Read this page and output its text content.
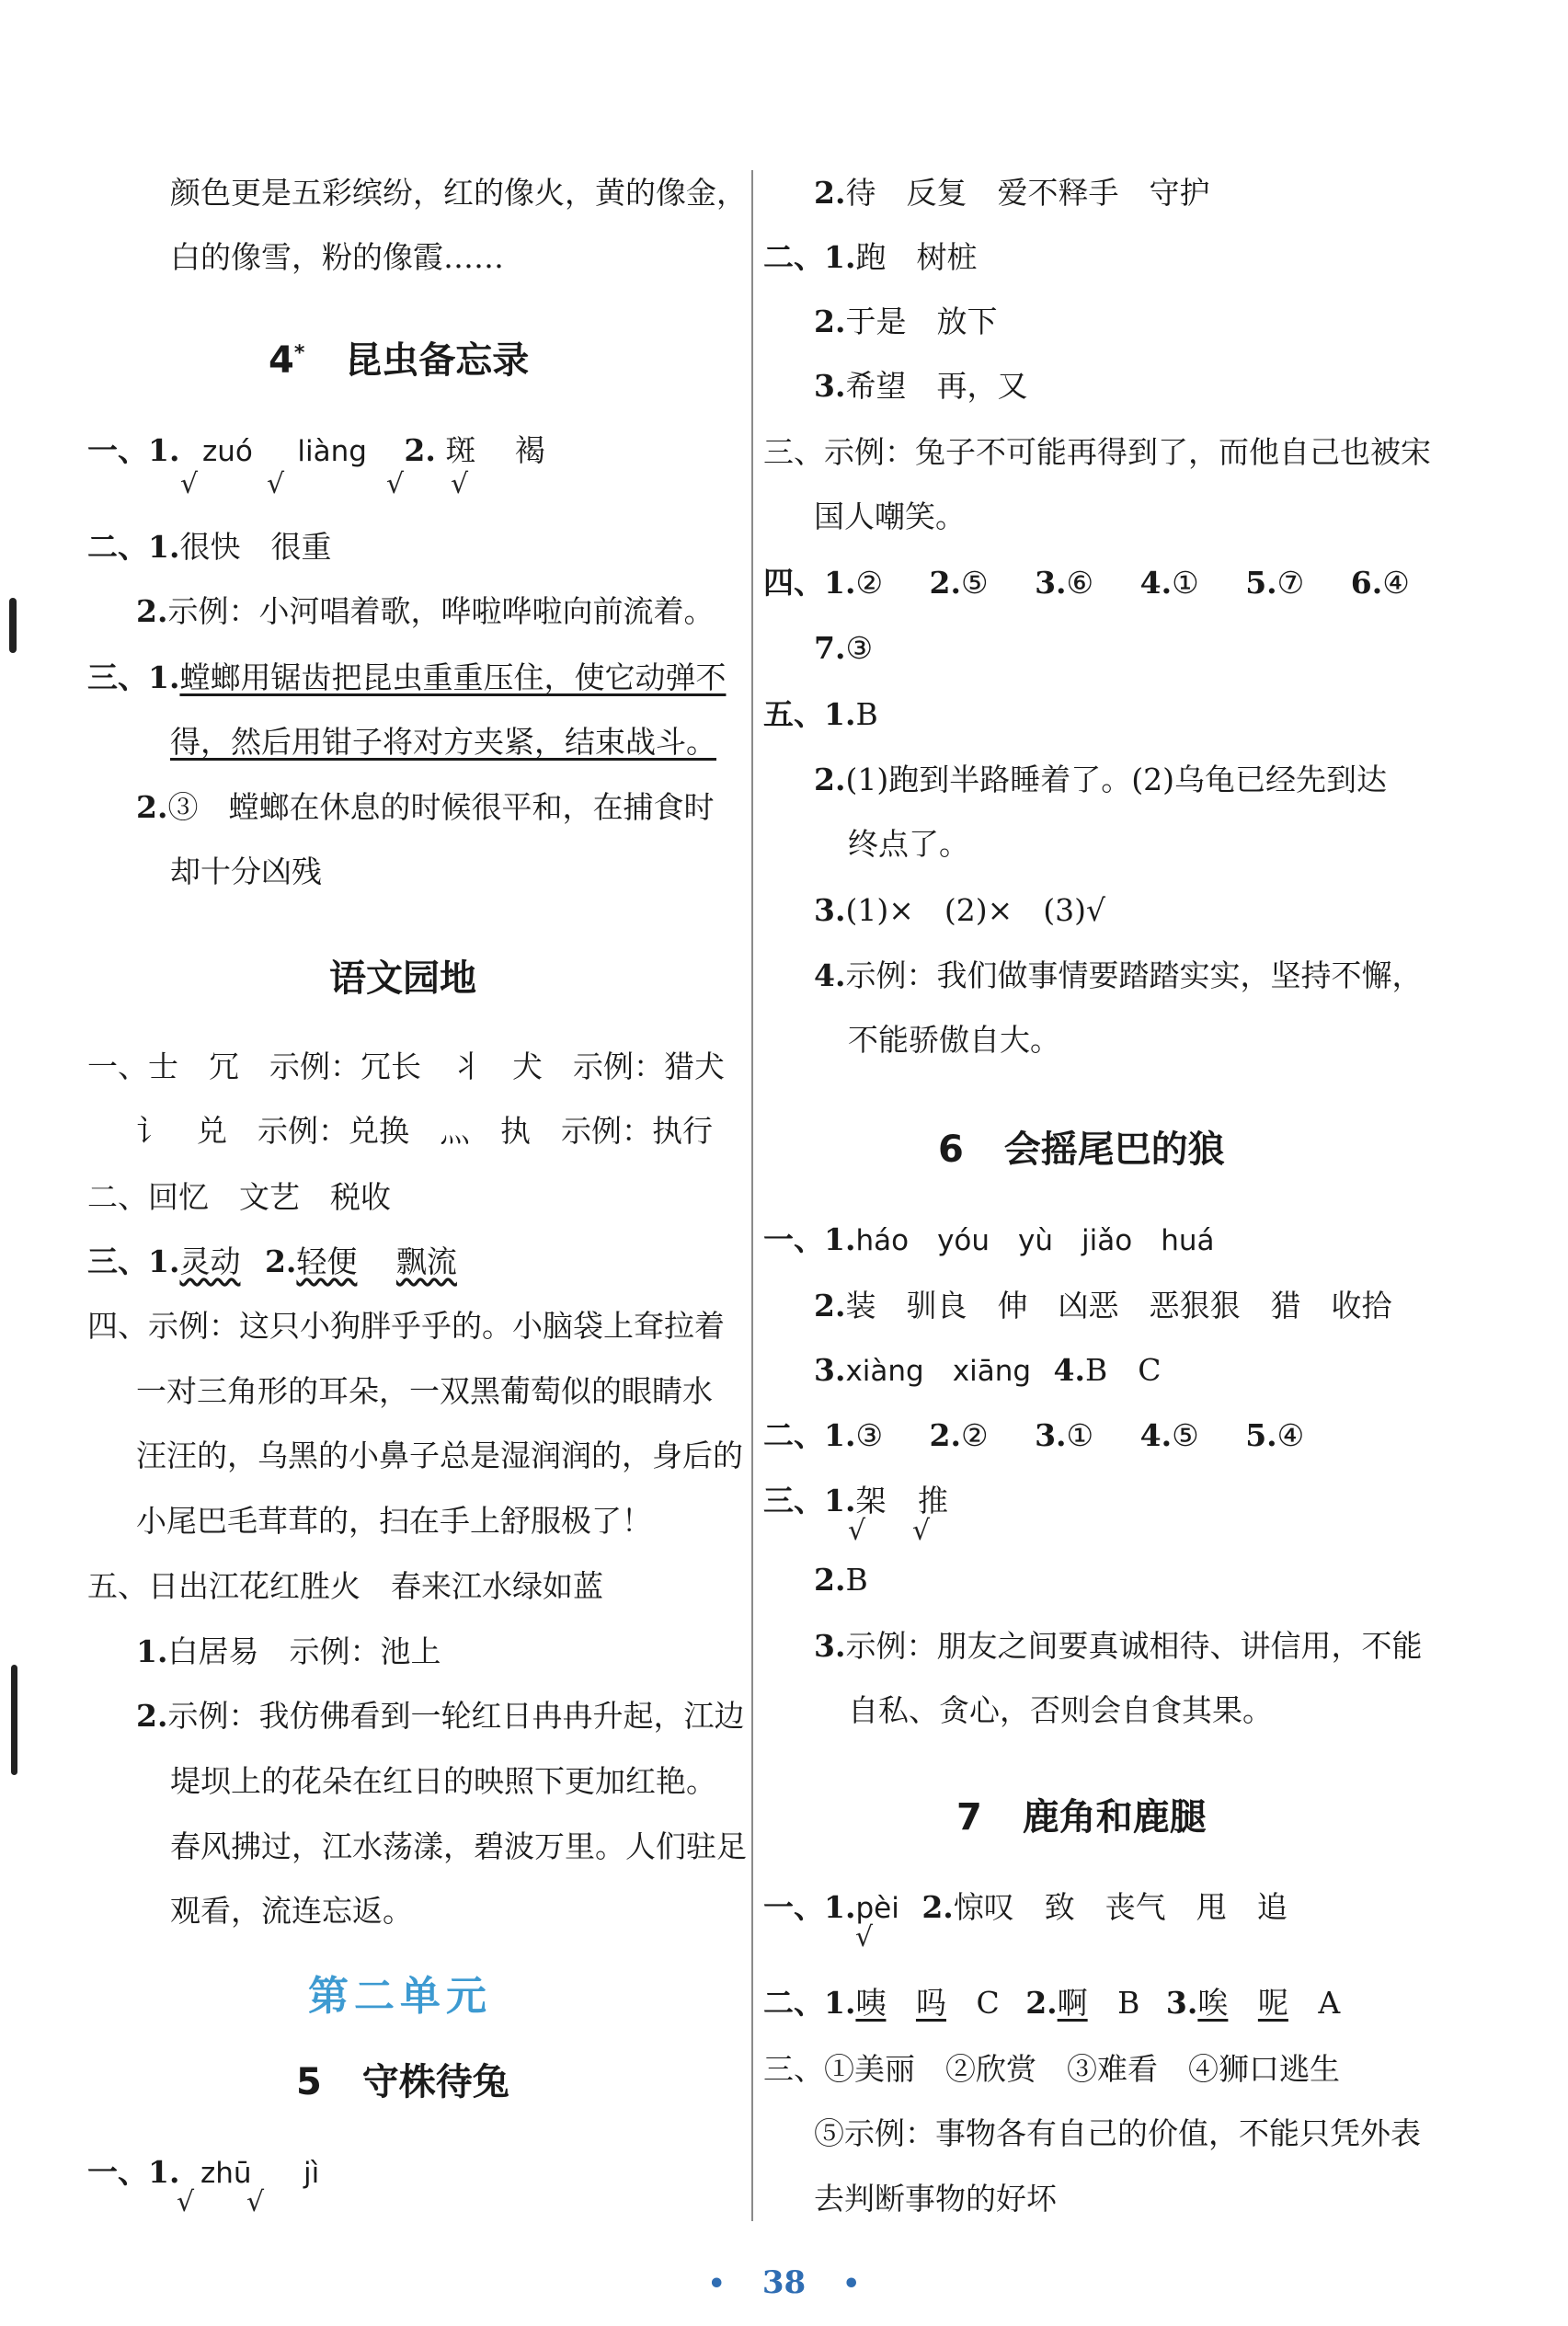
颜色更是五彩缤纷，红的像火，黄的像金，
白的像雪，粉的像霞……
4* 昆虫备忘录
一、1. zuó liàng 2. 斑 褐
√ √	√ √
二、1.很快　很重
2.示例：小河唱着歌，哗啦哗啦向前流着。
三、1.螳螂用锯齿把昆虫重重压住，使它动弹不
得，然后用钳子将对方夹紧，结束战斗。
2.③　螳螂在休息的时候很平和，在捕食时
却十分凶残
语文园地
一、士　冗　示例：冗长　丬　犬　示例：猎犬
讠　兑　示例：兑换　灬　执　示例：执行
二、回忆　文艺　税收
三、1.灵动 2.轻便 飘流
四、示例：这只小狗胖乎乎的。小脑袋上耷拉着
一对三角形的耳朵，一双黑葡萄似的眼睛水
汪汪的，乌黑的小鼻子总是湿润润的，身后的
小尾巴毛茸茸的，扫在手上舒服极了！
五、日出江花红胜火　春来江水绿如蓝
1.白居易　示例：池上
2.示例：我仿佛看到一轮红日冉冉升起，江边
堤坝上的花朵在红日的映照下更加红艳。
春风拂过，江水荡漾，碧波万里。人们驻足
观看，流连忘返。
第二单元
5 守株待兔
一、1. zhū jì
√ √
2.待　反复　爱不释手　守护
二、1.跑　树桩
2.于是　放下
3.希望　再，又
三、示例：兔子不可能再得到了，而他自己也被宋
国人嘲笑。
四、1.② 2.⑤ 3.⑥ 4.① 5.⑦ 6.④
7.③
五、1.B
2.(1)跑到半路睡着了。(2)乌龟已经先到达
终点了。
3.(1)×　(2)×　(3)√
4.示例：我们做事情要踏踏实实，坚持不懈，
不能骄傲自大。
6 会摇尾巴的狼
一、1.háo　yóu　yù　jiǎo　huá
2.装　驯良　伸　凶恶　恶狠狠　猎　收拾
3.xiàng　xiāng 4.B　C
二、1.③ 2.② 3.① 4.⑤ 5.④
三、1.架 推
√ √
2.B
3.示例：朋友之间要真诚相待、讲信用，不能
自私、贪心，否则会自食其果。
7 鹿角和鹿腿
一、1.pèi 2.惊叹　致　丧气　甩　追
√
二、1.咦 吗 C 2.啊 B 3.唉 呢 A
三、①美丽　②欣赏　③难看　④狮口逃生
⑤示例：事物各有自己的价值，不能只凭外表
去判断事物的好坏
• 38 •
